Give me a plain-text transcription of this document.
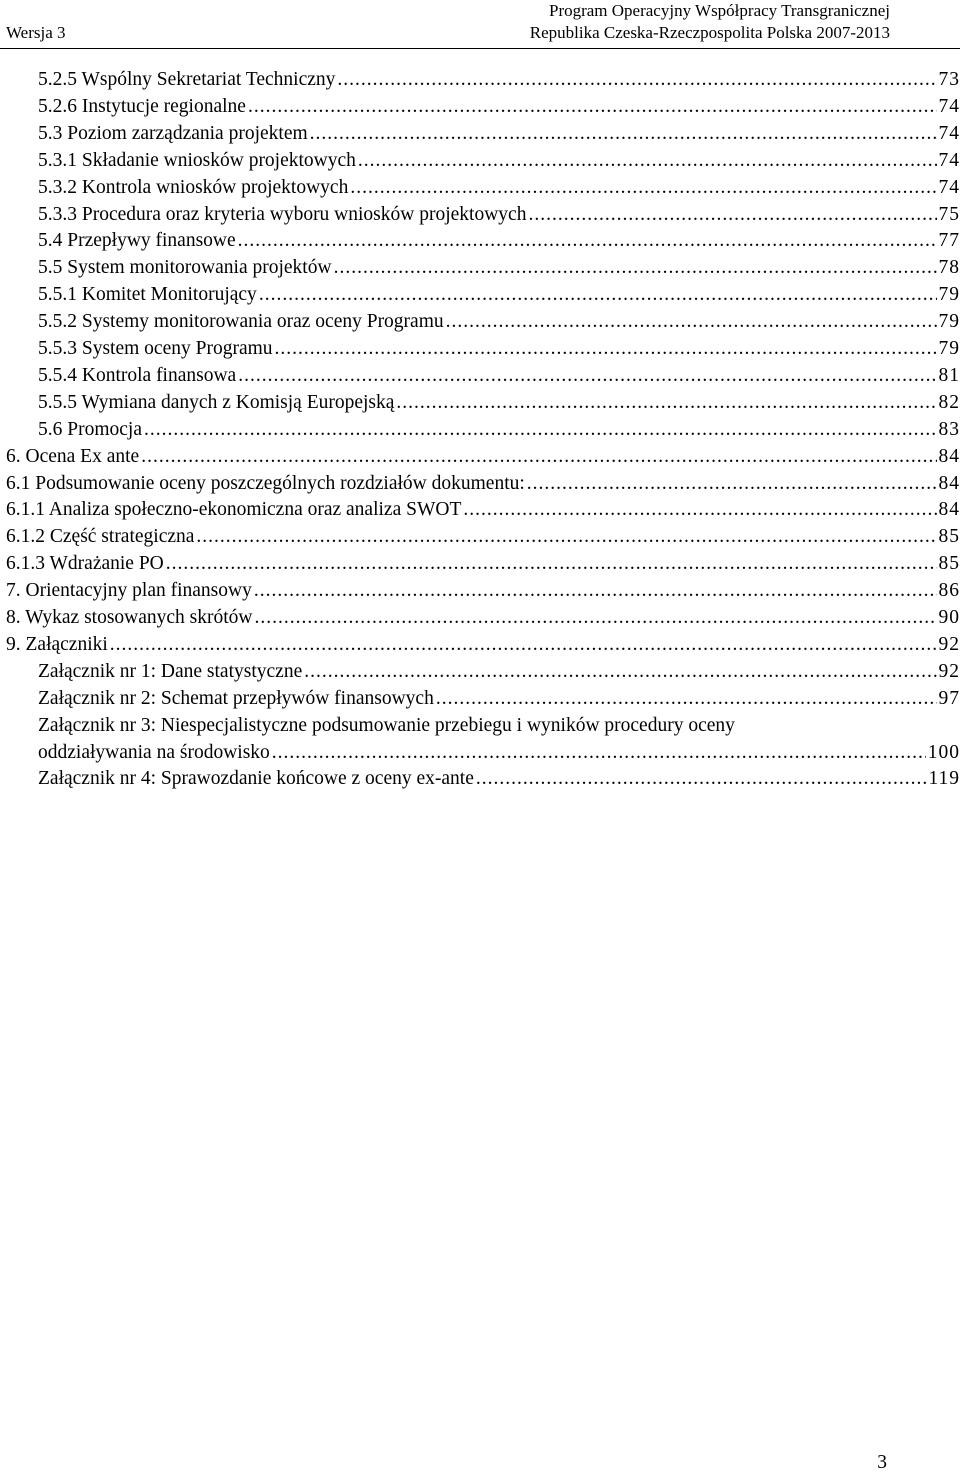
Wersja 3
Program Operacyjny Współpracy Transgranicznej
Republika Czeska-Rzeczpospolita Polska 2007-2013
5.2.5 Wspólny Sekretariat Techniczny .....	73
5.2.6 Instytucje regionalne .....	74
5.3 Poziom zarządzania projektem .....	74
5.3.1 Składanie wniosków projektowych .....	74
5.3.2 Kontrola wniosków projektowych .....	74
5.3.3 Procedura oraz kryteria wyboru wniosków projektowych .....	75
5.4 Przepływy finansowe .....	77
5.5 System monitorowania projektów .....	78
5.5.1 Komitet Monitorujący .....	79
5.5.2 Systemy monitorowania oraz oceny Programu .....	79
5.5.3 System oceny Programu .....	79
5.5.4 Kontrola finansowa .....	81
5.5.5 Wymiana danych z Komisją Europejską .....	82
5.6 Promocja .....	83
6. Ocena Ex ante .....	84
6.1 Podsumowanie oceny poszczególnych rozdziałów dokumentu: .....	84
6.1.1 Analiza społeczno-ekonomiczna oraz analiza SWOT .....	84
6.1.2 Część strategiczna .....	85
6.1.3 Wdrażanie PO .....	85
7. Orientacyjny plan finansowy .....	86
8. Wykaz stosowanych skrótów .....	90
9. Załączniki .....	92
Załącznik nr 1: Dane statystyczne .....	92
Załącznik nr 2: Schemat przepływów finansowych .....	97
Załącznik nr 3: Niespecjalistyczne podsumowanie przebiegu i wyników procedury oceny
oddziaływania na środowisko .....	100
Załącznik nr 4: Sprawozdanie końcowe z oceny ex-ante .....	119
3
